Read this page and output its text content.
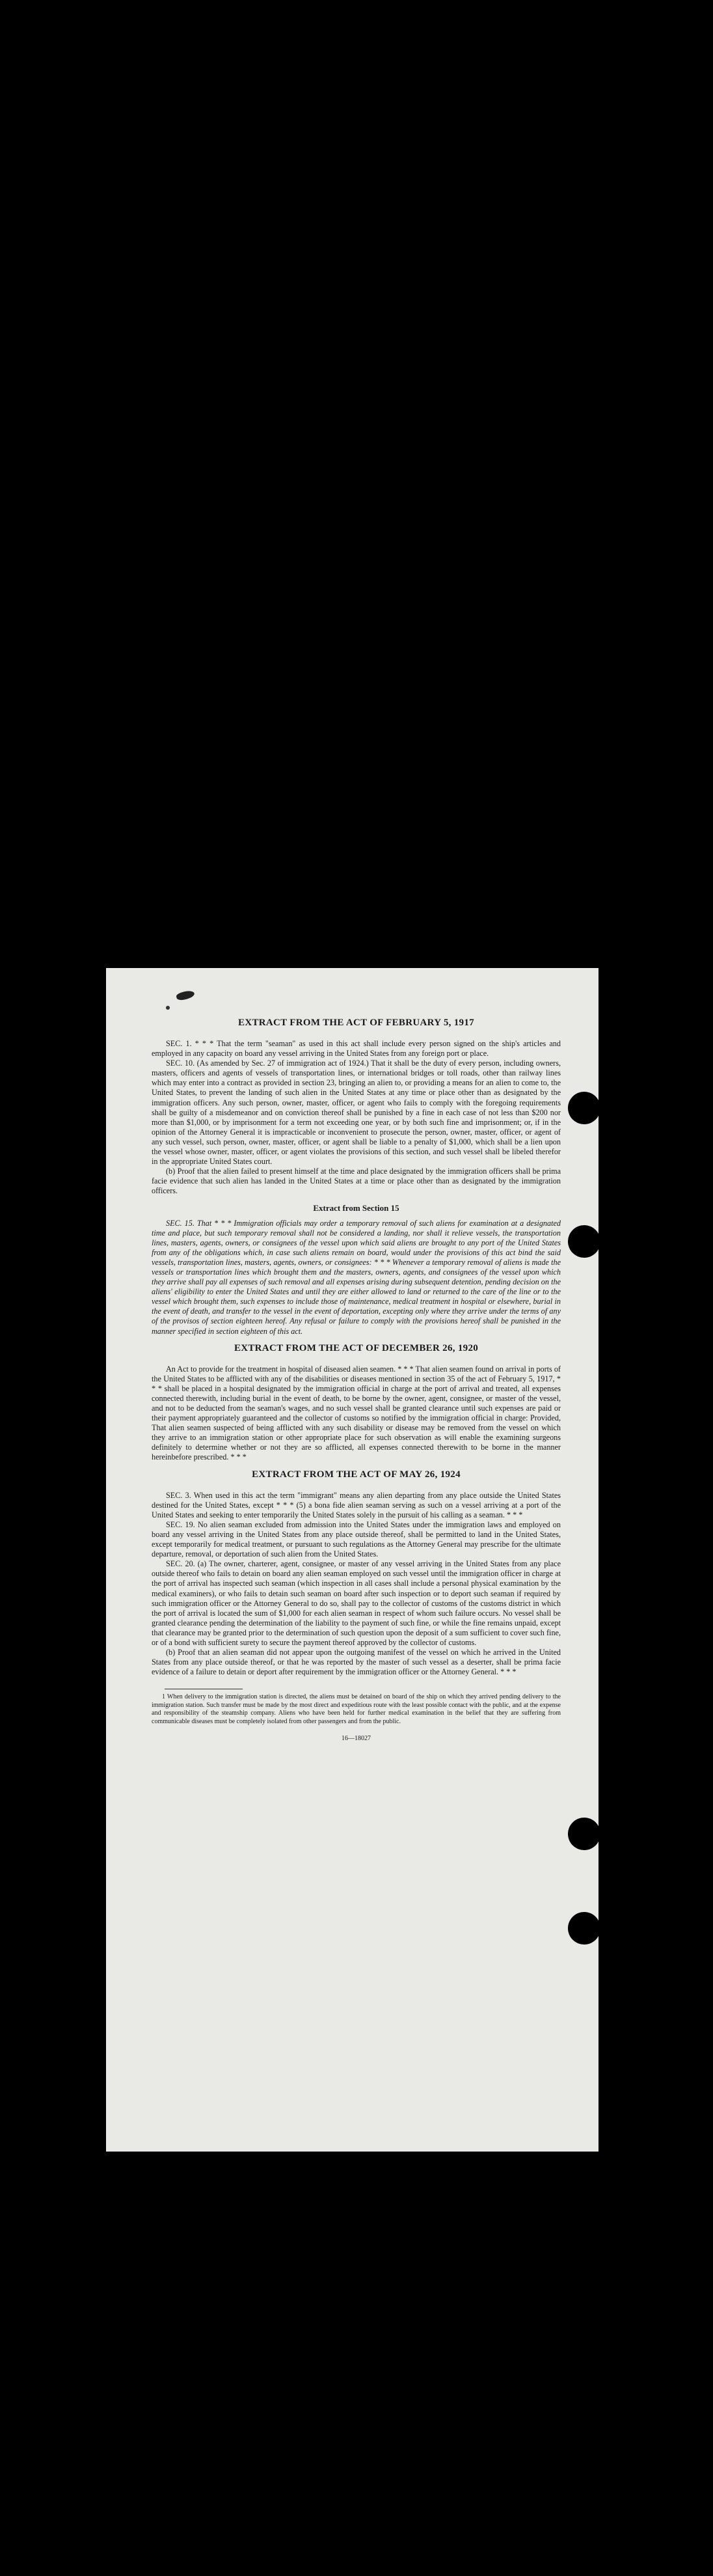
EXTRACT FROM THE ACT OF FEBRUARY 5, 1917

SEC. 1. * * * That the term "seaman" as used in this act shall include every person signed on the ship's articles and employed in any capacity on board any vessel arriving in the United States from any foreign port or place.

SEC. 10. (As amended by Sec. 27 of immigration act of 1924.) That it shall be the duty of every person, including owners, masters, officers and agents of vessels of transportation lines, or international bridges or toll roads, other than railway lines which may enter into a contract as provided in section 23, bringing an alien to, or providing a means for an alien to come to, the United States, to prevent the landing of such alien in the United States at any time or place other than as designated by the immigration officers. Any such person, owner, master, officer, or agent who fails to comply with the foregoing requirements shall be guilty of a misdemeanor and on conviction thereof shall be punished by a fine in each case of not less than $200 nor more than $1,000, or by imprisonment for a term not exceeding one year, or by both such fine and imprisonment; or, if in the opinion of the Attorney General it is impracticable or inconvenient to prosecute the person, owner, master, officer, or agent of any such vessel, such person, owner, master, officer, or agent shall be liable to a penalty of $1,000, which shall be a lien upon the vessel whose owner, master, officer, or agent violates the provisions of this section, and such vessel shall be libeled therefor in the appropriate United States court.

(b) Proof that the alien failed to present himself at the time and place designated by the immigration officers shall be prima facie evidence that such alien has landed in the United States at a time or place other than as designated by the immigration officers.

Extract from Section 15

SEC. 15. That * * * Immigration officials may order a temporary removal of such aliens for examination at a designated time and place, but such temporary removal shall not be considered a landing, nor shall it relieve vessels, the transportation lines, masters, agents, owners, or consignees of the vessel upon which said aliens are brought to any port of the United States from any of the obligations which, in case such aliens remain on board, would under the provisions of this act bind the said vessels, transportation lines, masters, agents, owners, or consignees: * * * Whenever a temporary removal of aliens is made the vessels or transportation lines which brought them and the masters, owners, agents, and consignees of the vessel upon which they arrive shall pay all expenses of such removal and all expenses arising during subsequent detention, pending decision on the aliens' eligibility to enter the United States and until they are either allowed to land or returned to the care of the line or to the vessel which brought them, such expenses to include those of maintenance, medical treatment in hospital or elsewhere, burial in the event of death, and transfer to the vessel in the event of deportation, excepting only where they arrive under the terms of any of the provisos of section eighteen hereof. Any refusal or failure to comply with the provisions hereof shall be punished in the manner specified in section eighteen of this act.

EXTRACT FROM THE ACT OF DECEMBER 26, 1920

An Act to provide for the treatment in hospital of diseased alien seamen. * * * That alien seamen found on arrival in ports of the United States to be afflicted with any of the disabilities or diseases mentioned in section 35 of the act of February 5, 1917, * * * shall be placed in a hospital designated by the immigration official in charge at the port of arrival and treated, all expenses connected therewith, including burial in the event of death, to be borne by the owner, agent, consignee, or master of the vessel, and not to be deducted from the seaman's wages, and no such vessel shall be granted clearance until such expenses are paid or their payment appropriately guaranteed and the collector of customs so notified by the immigration official in charge: Provided, That alien seamen suspected of being afflicted with any such disability or disease may be removed from the vessel on which they arrive to an immigration station or other appropriate place for such observation as will enable the examining surgeons definitely to determine whether or not they are so afflicted, all expenses connected therewith to be borne in the manner hereinbefore prescribed. * * *

EXTRACT FROM THE ACT OF MAY 26, 1924

SEC. 3. When used in this act the term "immigrant" means any alien departing from any place outside the United States destined for the United States, except * * * (5) a bona fide alien seaman serving as such on a vessel arriving at a port of the United States and seeking to enter temporarily the United States solely in the pursuit of his calling as a seaman. * * *

SEC. 19. No alien seaman excluded from admission into the United States under the immigration laws and employed on board any vessel arriving in the United States from any place outside thereof, shall be permitted to land in the United States, except temporarily for medical treatment, or pursuant to such regulations as the Attorney General may prescribe for the ultimate departure, removal, or deportation of such alien from the United States.

SEC. 20. (a) The owner, charterer, agent, consignee, or master of any vessel arriving in the United States from any place outside thereof who fails to detain on board any alien seaman employed on such vessel until the immigration officer in charge at the port of arrival has inspected such seaman (which inspection in all cases shall include a personal physical examination by the medical examiners), or who fails to detain such seaman on board after such inspection or to deport such seaman if required by such immigration officer or the Attorney General to do so, shall pay to the collector of customs of the customs district in which the port of arrival is located the sum of $1,000 for each alien seaman in respect of whom such failure occurs. No vessel shall be granted clearance pending the determination of the liability to the payment of such fine, or while the fine remains unpaid, except that clearance may be granted prior to the determination of such question upon the deposit of a sum sufficient to cover such fine, or of a bond with sufficient surety to secure the payment thereof approved by the collector of customs.

(b) Proof that an alien seaman did not appear upon the outgoing manifest of the vessel on which he arrived in the United States from any place outside thereof, or that he was reported by the master of such vessel as a deserter, shall be prima facie evidence of a failure to detain or deport after requirement by the immigration officer or the Attorney General. * * *

1 When delivery to the immigration station is directed, the aliens must be detained on board of the ship on which they arrived pending delivery to the immigration station. Such transfer must be made by the most direct and expeditious route with the least possible contact with the public, and at the expense and responsibility of the steamship company. Aliens who have been held for further medical examination in the belief that they are suffering from communicable diseases must be completely isolated from other passengers and from the public.

16—18027
